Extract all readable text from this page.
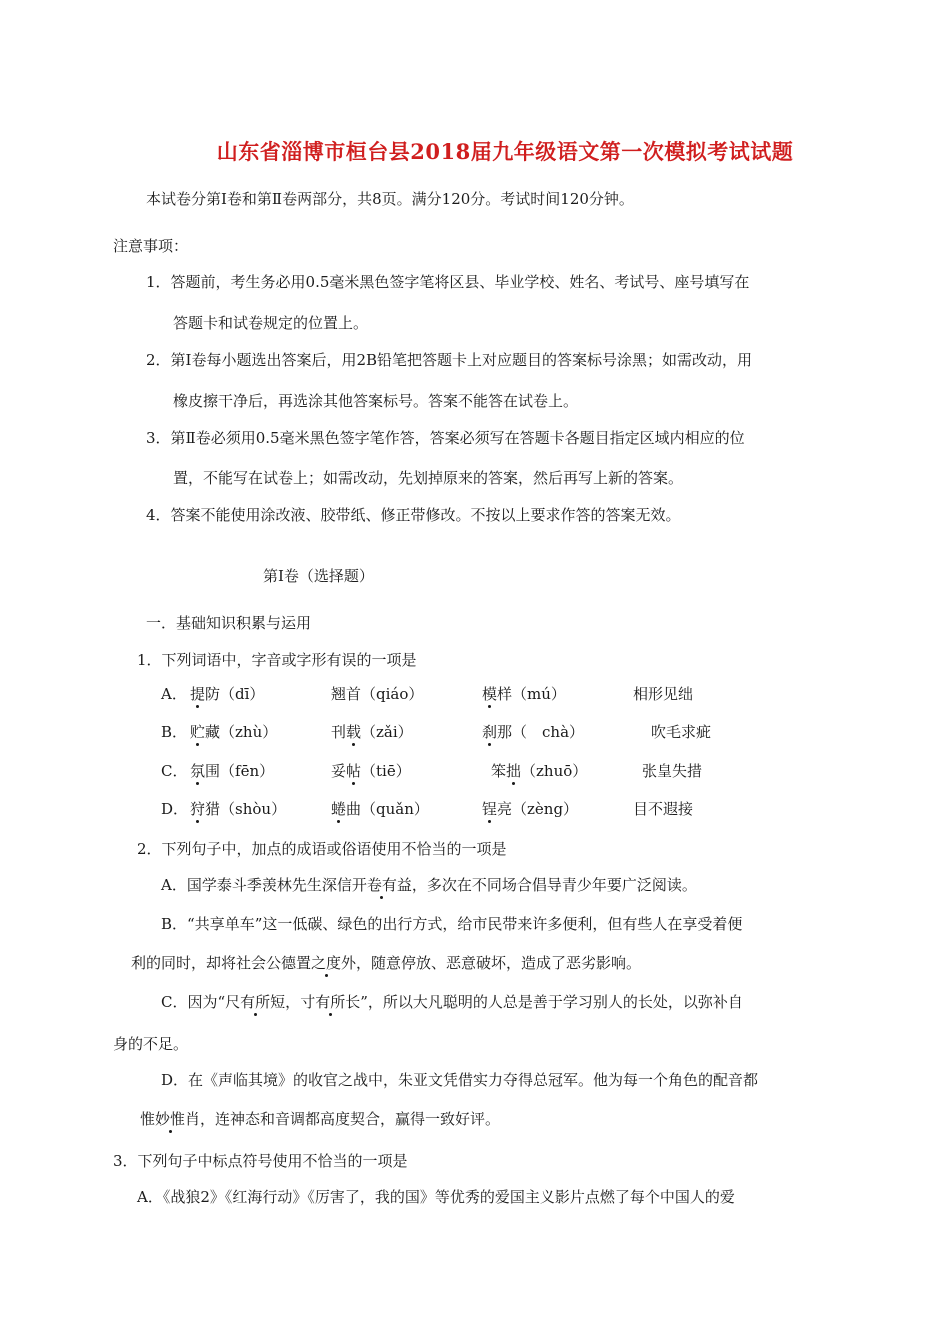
山东省淄博市桓台县2018届九年级语文第一次模拟考试试题
本试卷分第Ⅰ卷和第Ⅱ卷两部分，共8页。满分120分。考试时间120分钟。
注意事项：
1．答题前，考生务必用0.5毫米黑色签字笔将区县、毕业学校、姓名、考试号、座号填写在
答题卡和试卷规定的位置上。
2．第Ⅰ卷每小题选出答案后，用2B铅笔把答题卡上对应题目的答案标号涂黑；如需改动，用
橡皮擦干净后，再选涂其他答案标号。答案不能答在试卷上。
3．第Ⅱ卷必须用0.5毫米黑色签字笔作答，答案必须写在答题卡各题目指定区域内相应的位
置，不能写在试卷上；如需改动，先划掉原来的答案，然后再写上新的答案。
4．答案不能使用涂改液、胶带纸、修正带修改。不按以上要求作答的答案无效。
第Ⅰ卷（选择题）
一．基础知识积累与运用
1．下列词语中，字音或字形有误的一项是
A． 提防（dī）	翘首（qiáo）	模样（mú）	相形见绌
B． 贮藏（zhù）	刊载（zǎi）	刹那（　chà）	吹毛求疵
C． 氛围（fēn）	妥帖（tiē）	笨拙（zhuō）	张皇失措
D． 狩猎（shòu）	蜷曲（quǎn）	锃亮（zèng）	目不遐接
2．下列句子中，加点的成语或俗语使用不恰当的一项是
A．国学泰斗季羡林先生深信开卷有益，多次在不同场合倡导青少年要广泛阅读。
B．“共享单车”这一低碳、绿色的出行方式，给市民带来许多便利，但有些人在享受着便
利的同时，却将社会公德置之度外，随意停放、恶意破坏，造成了恶劣影响。
C．因为“尺有所短，寸有所长”，所以大凡聪明的人总是善于学习别人的长处，以弥补自
身的不足。
D．在《声临其境》的收官之战中，朱亚文凭借实力夺得总冠军。他为每一个角色的配音都
惟妙惟肖，连神态和音调都高度契合，赢得一致好评。
3．下列句子中标点符号使用不恰当的一项是
A．《战狼2》《红海行动》《厉害了，我的国》等优秀的爱国主义影片点燃了每个中国人的爱
